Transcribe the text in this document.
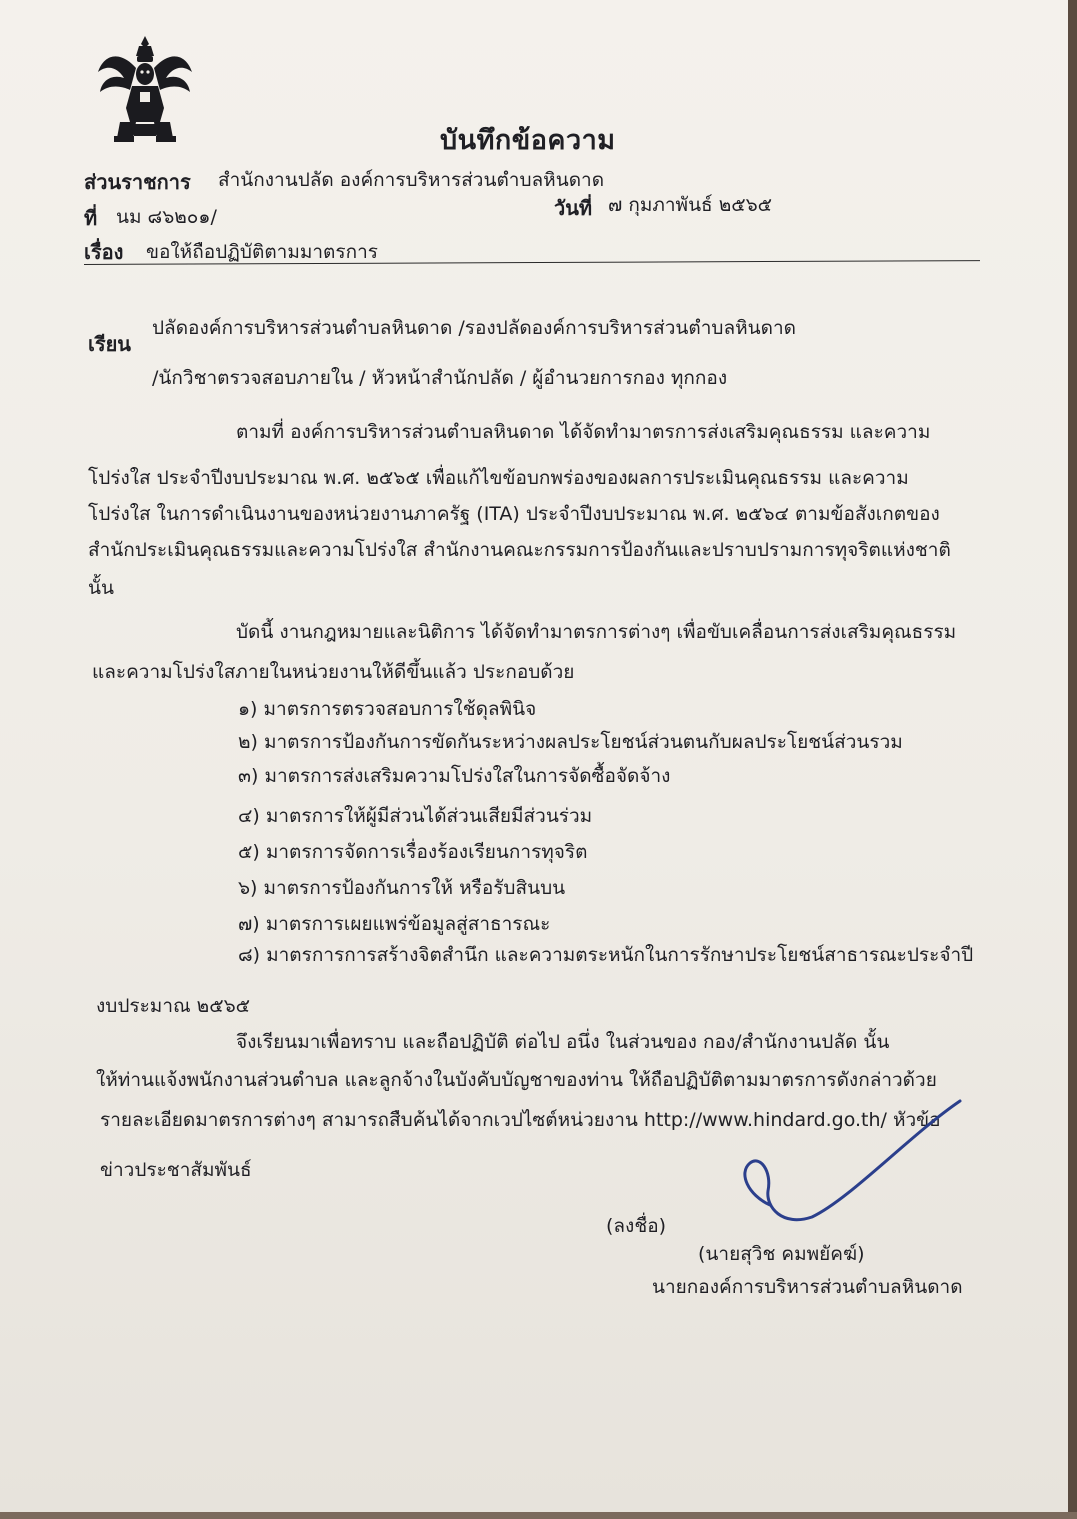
บันทึกข้อความ
ส่วนราชการ สำนักงานปลัด องค์การบริหารส่วนตำบลหินดาด
ที่ นม ๘๖๒๐๑/	วันที่ ๗ กุมภาพันธ์ ๒๕๖๕
เรื่อง ขอให้ถือปฏิบัติตามมาตรการ
เรียน
ปลัดองค์การบริหารส่วนตำบลหินดาด /รองปลัดองค์การบริหารส่วนตำบลหินดาด
/นักวิชาตรวจสอบภายใน / หัวหน้าสำนักปลัด / ผู้อำนวยการกอง ทุกกอง
ตามที่ องค์การบริหารส่วนตำบลหินดาด ได้จัดทำมาตรการส่งเสริมคุณธรรม และความ
โปร่งใส ประจำปีงบประมาณ พ.ศ. ๒๕๖๕ เพื่อแก้ไขข้อบกพร่องของผลการประเมินคุณธรรม และความ
โปร่งใส ในการดำเนินงานของหน่วยงานภาครัฐ (ITA) ประจำปีงบประมาณ พ.ศ. ๒๕๖๔ ตามข้อสังเกตของ
สำนักประเมินคุณธรรมและความโปร่งใส สำนักงานคณะกรรมการป้องกันและปราบปรามการทุจริตแห่งชาติ
นั้น
บัดนี้ งานกฎหมายและนิติการ ได้จัดทำมาตรการต่างๆ เพื่อขับเคลื่อนการส่งเสริมคุณธรรม
และความโปร่งใสภายในหน่วยงานให้ดีขึ้นแล้ว ประกอบด้วย
๑) มาตรการตรวจสอบการใช้ดุลพินิจ
๒) มาตรการป้องกันการขัดกันระหว่างผลประโยชน์ส่วนตนกับผลประโยชน์ส่วนรวม
๓) มาตรการส่งเสริมความโปร่งใสในการจัดซื้อจัดจ้าง
๔) มาตรการให้ผู้มีส่วนได้ส่วนเสียมีส่วนร่วม
๕) มาตรการจัดการเรื่องร้องเรียนการทุจริต
๖) มาตรการป้องกันการให้ หรือรับสินบน
๗) มาตรการเผยแพร่ข้อมูลสู่สาธารณะ
๘) มาตรการการสร้างจิตสำนึก และความตระหนักในการรักษาประโยชน์สาธารณะประจำปี
งบประมาณ ๒๕๖๕
จึงเรียนมาเพื่อทราบ และถือปฏิบัติ ต่อไป อนึ่ง ในส่วนของ กอง/สำนักงานปลัด นั้น
ให้ท่านแจ้งพนักงานส่วนตำบล และลูกจ้างในบังคับบัญชาของท่าน ให้ถือปฏิบัติตามมาตรการดังกล่าวด้วย
รายละเอียดมาตรการต่างๆ สามารถสืบค้นได้จากเวปไซต์หน่วยงาน http://www.hindard.go.th/ หัวข้อ
ข่าวประชาสัมพันธ์
(ลงชื่อ)
(นายสุวิช คมพยัคฆ์)
นายกองค์การบริหารส่วนตำบลหินดาด
